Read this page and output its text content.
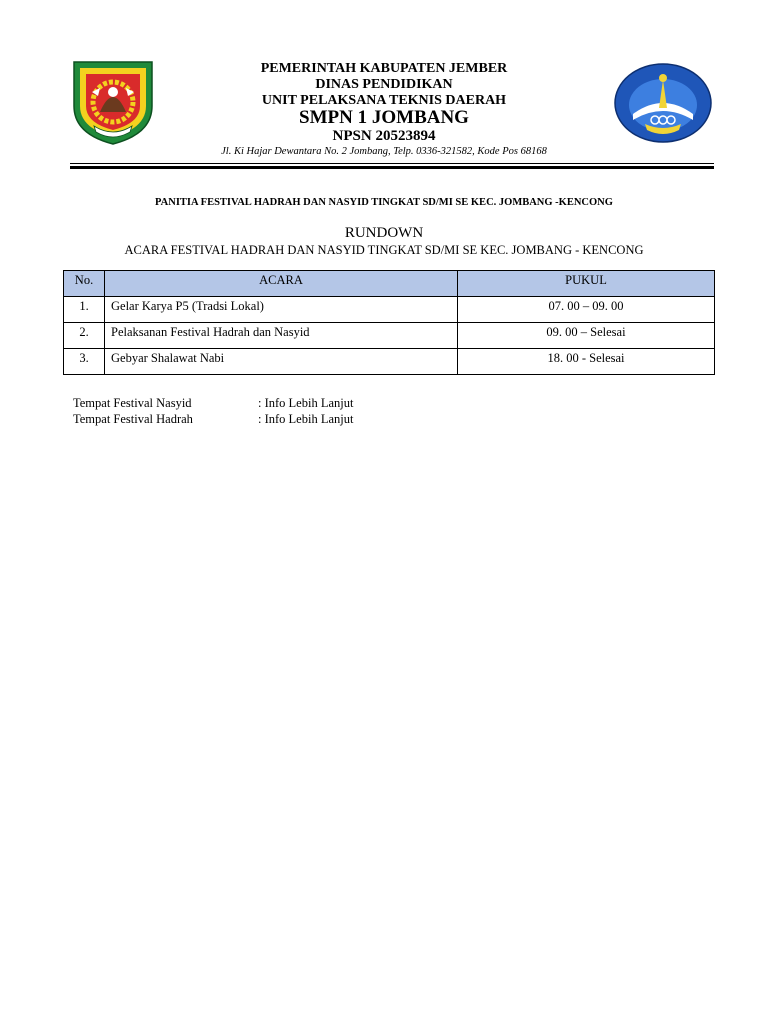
PEMERINTAH KABUPATEN JEMBER
DINAS PENDIDIKAN
UNIT PELAKSANA TEKNIS DAERAH
SMPN 1 JOMBANG
NPSN 20523894
Jl. Ki Hajar Dewantara No. 2 Jombang, Telp. 0336-321582, Kode Pos 68168
PANITIA FESTIVAL HADRAH DAN NASYID TINGKAT SD/MI SE KEC. JOMBANG -KENCONG
RUNDOWN
ACARA FESTIVAL HADRAH DAN NASYID TINGKAT SD/MI SE KEC. JOMBANG - KENCONG
No.	ACARA	PUKUL
1.	Gelar Karya P5 (Tradsi Lokal)	07. 00 – 09. 00
2.	Pelaksanan Festival Hadrah dan Nasyid	09. 00 – Selesai
3.	Gebyar Shalawat Nabi	18. 00 - Selesai
Tempat Festival Nasyid	: Info Lebih Lanjut
Tempat Festival Hadrah	: Info Lebih Lanjut
